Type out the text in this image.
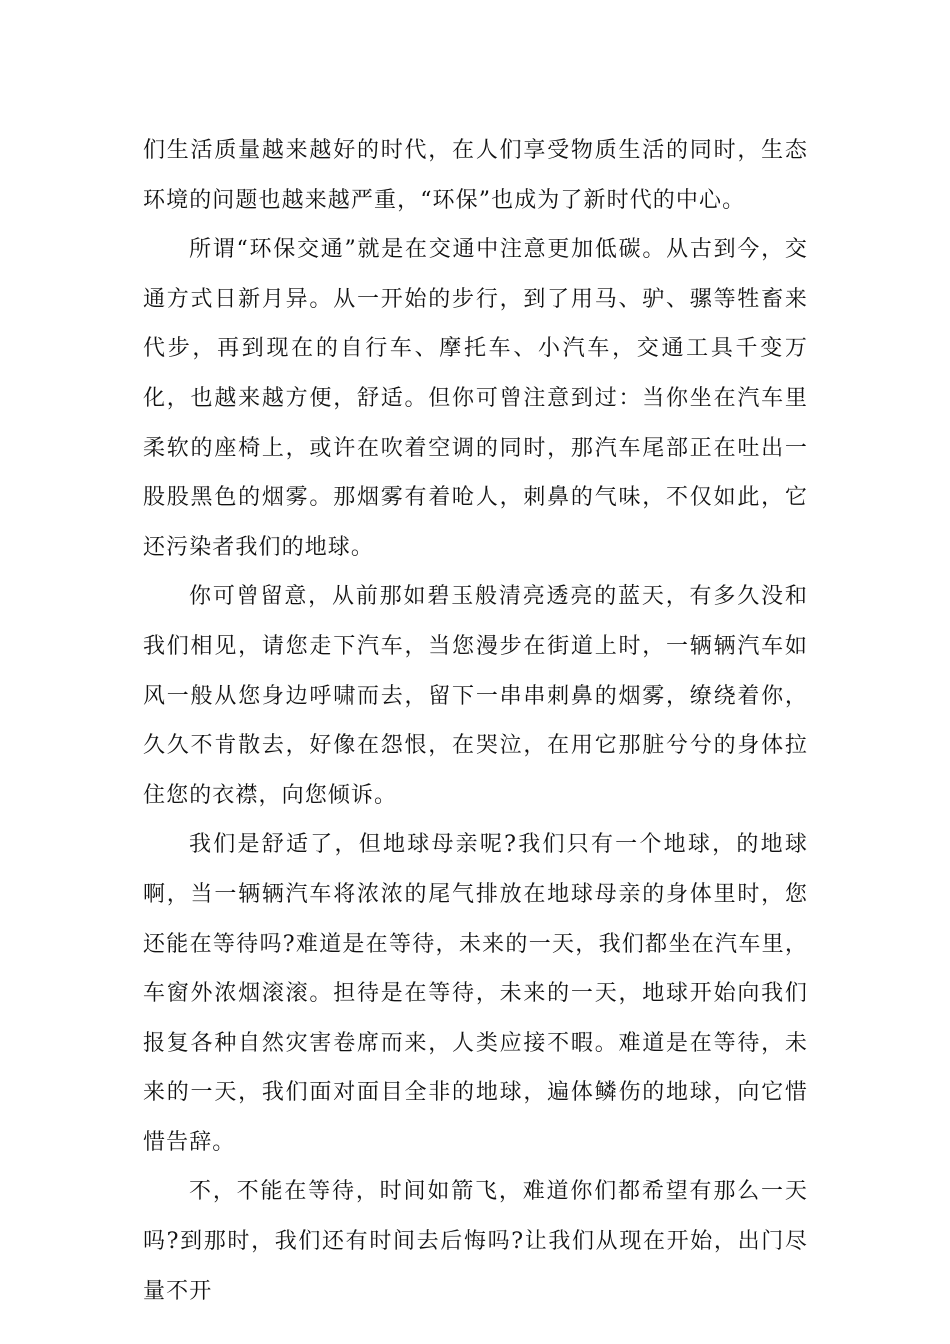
们生活质量越来越好的时代，在人们享受物质生活的同时，生态环境的问题也越来越严重，“环保”也成为了新时代的中心。

所谓“环保交通”就是在交通中注意更加低碳。从古到今，交通方式日新月异。从一开始的步行，到了用马、驴、骡等牲畜来代步，再到现在的自行车、摩托车、小汽车，交通工具千变万化，也越来越方便，舒适。但你可曾注意到过：当你坐在汽车里柔软的座椅上，或许在吹着空调的同时，那汽车尾部正在吐出一股股黑色的烟雾。那烟雾有着呛人，刺鼻的气味，不仅如此，它还污染者我们的地球。

你可曾留意，从前那如碧玉般清亮透亮的蓝天，有多久没和我们相见，请您走下汽车，当您漫步在街道上时，一辆辆汽车如风一般从您身边呼啸而去，留下一串串刺鼻的烟雾，缭绕着你，久久不肯散去，好像在怨恨，在哭泣，在用它那脏兮兮的身体拉住您的衣襟，向您倾诉。

我们是舒适了，但地球母亲呢?我们只有一个地球，的地球啊，当一辆辆汽车将浓浓的尾气排放在地球母亲的身体里时，您还能在等待吗?难道是在等待，未来的一天，我们都坐在汽车里，车窗外浓烟滚滚。担待是在等待，未来的一天，地球开始向我们报复各种自然灾害卷席而来，人类应接不暇。难道是在等待，未来的一天，我们面对面目全非的地球，遍体鳞伤的地球，向它惜惜告辞。

不，不能在等待，时间如箭飞，难道你们都希望有那么一天吗?到那时，我们还有时间去后悔吗?让我们从现在开始，出门尽量不开
